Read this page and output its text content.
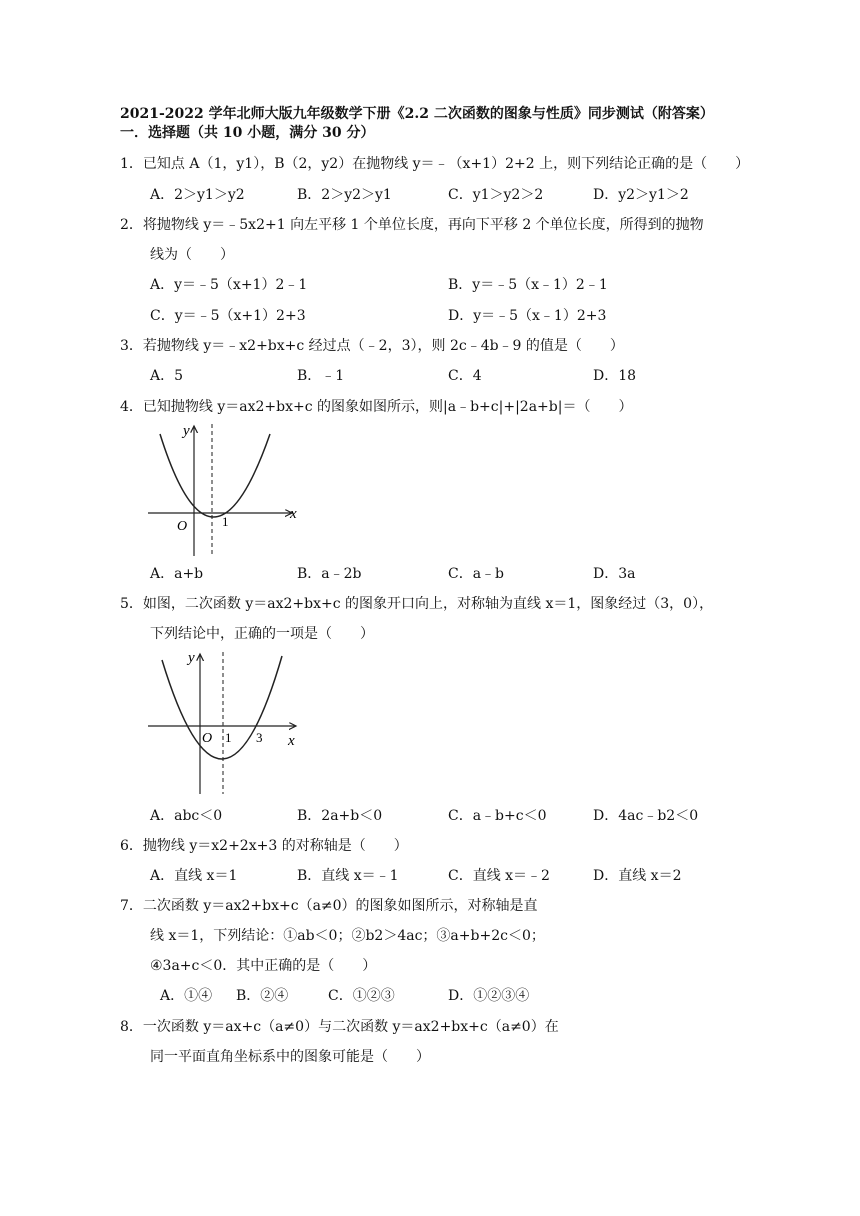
2021-2022 学年北师大版九年级数学下册《2.2 二次函数的图象与性质》同步测试（附答案）
一．选择题（共 10 小题，满分 30 分）
1．已知点 A（1，y1），B（2，y2）在抛物线 y＝﹣（x+1）2+2 上，则下列结论正确的是（　　）
A．2＞y1＞y2	B．2＞y2＞y1	C．y1＞y2＞2	D．y2＞y1＞2
2．将抛物线 y＝﹣5x2+1 向左平移 1 个单位长度，再向下平移 2 个单位长度，所得到的抛物
线为（　　）
A．y＝﹣5（x+1）2﹣1	B．y＝﹣5（x﹣1）2﹣1
C．y＝﹣5（x+1）2+3	D．y＝﹣5（x﹣1）2+3
3．若抛物线 y＝﹣x2+bx+c 经过点（﹣2，3），则 2c﹣4b﹣9 的值是（　　）
A．5	B．﹣1	C．4	D．18
4．已知抛物线 y＝ax2+bx+c 的图象如图所示，则|a﹣b+c|+|2a+b|＝（　　）
y
x
O	1
A．a+b	B．a﹣2b	C．a﹣b	D．3a
5．如图，二次函数 y＝ax2+bx+c 的图象开口向上，对称轴为直线 x＝1，图象经过（3，0），
下列结论中，正确的一项是（　　）
y
x
O 1 3
A．abc＜0	B．2a+b＜0	C．a﹣b+c＜0	D．4ac﹣b2＜0
6．抛物线 y＝x2+2x+3 的对称轴是（　　）
A．直线 x＝1	B．直线 x＝﹣1	C．直线 x＝﹣2	D．直线 x＝2
7．二次函数 y＝ax2+bx+c（a≠0）的图象如图所示，对称轴是直
线 x＝1，下列结论：①ab＜0；②b2＞4ac；③a+b+2c＜0；
④3a+c＜0．其中正确的是（　　）
A．①④ B．②④	C．①②③	D．①②③④
8．一次函数 y＝ax+c（a≠0）与二次函数 y＝ax2+bx+c（a≠0）在
同一平面直角坐标系中的图象可能是（　　）
